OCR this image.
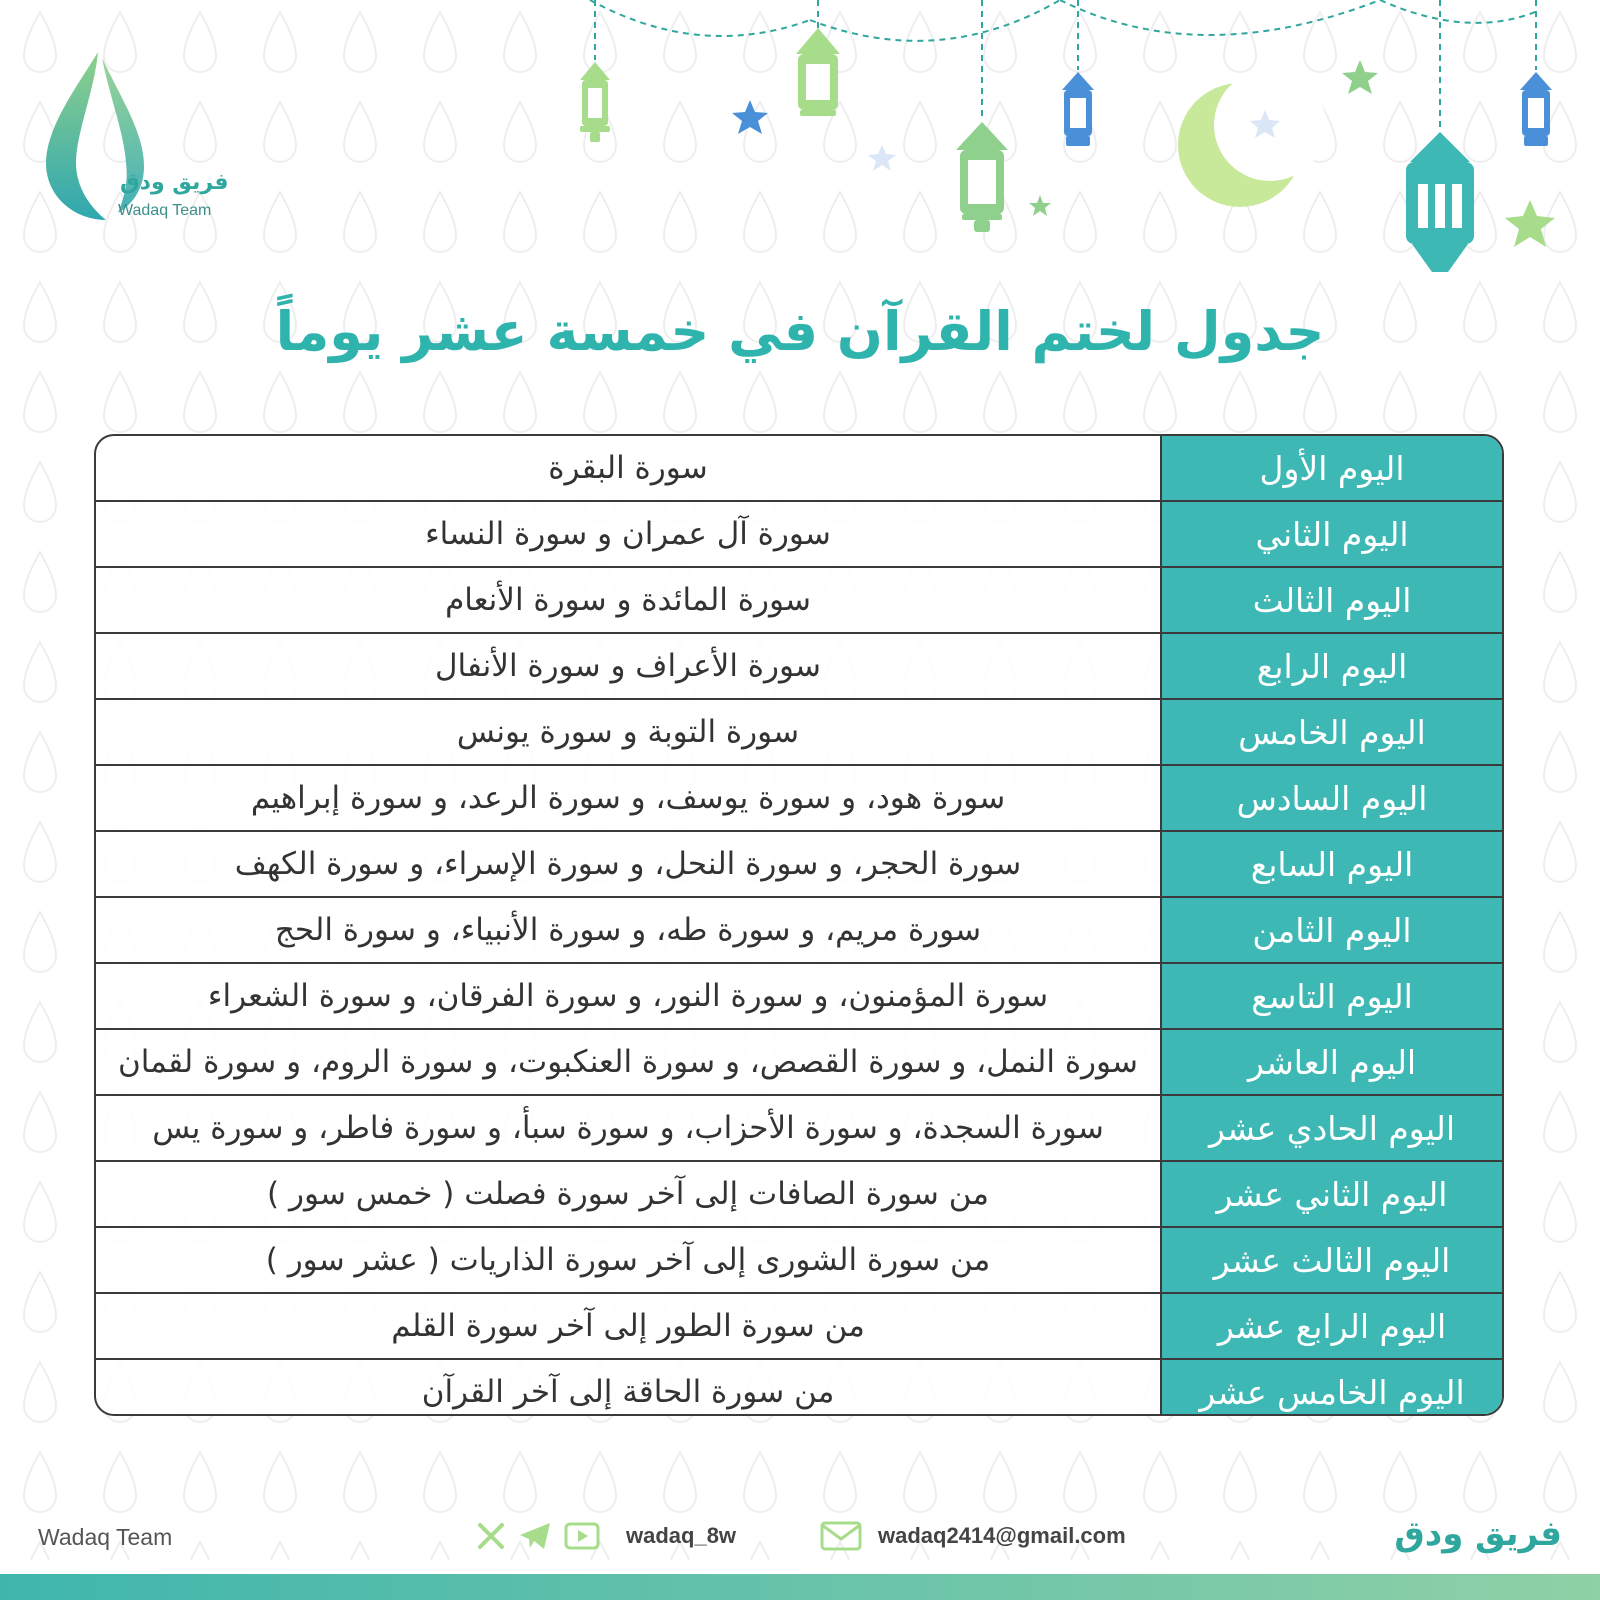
فريق ودق
Wadaq Team
جدول لختم القرآن في خمسة عشر يوماً
سورة البقرة	اليوم الأول
سورة آل عمران و سورة النساء	اليوم الثاني
سورة المائدة و سورة الأنعام	اليوم الثالث
سورة الأعراف و سورة الأنفال	اليوم الرابع
سورة التوبة و سورة يونس	اليوم الخامس
سورة هود، و سورة يوسف، و سورة الرعد، و سورة إبراهيم	اليوم السادس
سورة الحجر، و سورة النحل، و سورة الإسراء، و سورة الكهف	اليوم السابع
سورة مريم، و سورة طه، و سورة الأنبياء، و سورة الحج	اليوم الثامن
سورة المؤمنون، و سورة النور، و سورة الفرقان، و سورة الشعراء	اليوم التاسع
سورة النمل، و سورة القصص، و سورة العنكبوت، و سورة الروم، و سورة لقمان	اليوم العاشر
سورة السجدة، و سورة الأحزاب، و سورة سبأ، و سورة فاطر، و سورة يس	اليوم الحادي عشر
من سورة الصافات إلى آخر سورة فصلت ( خمس سور )	اليوم الثاني عشر
من سورة الشورى إلى آخر سورة الذاريات ( عشر سور )	اليوم الثالث عشر
من سورة الطور إلى آخر سورة القلم	اليوم الرابع عشر
من سورة الحاقة إلى آخر القرآن	اليوم الخامس عشر
Wadaq Team	wadaq_8w	wadaq2414@gmail.com	فريق ودق
